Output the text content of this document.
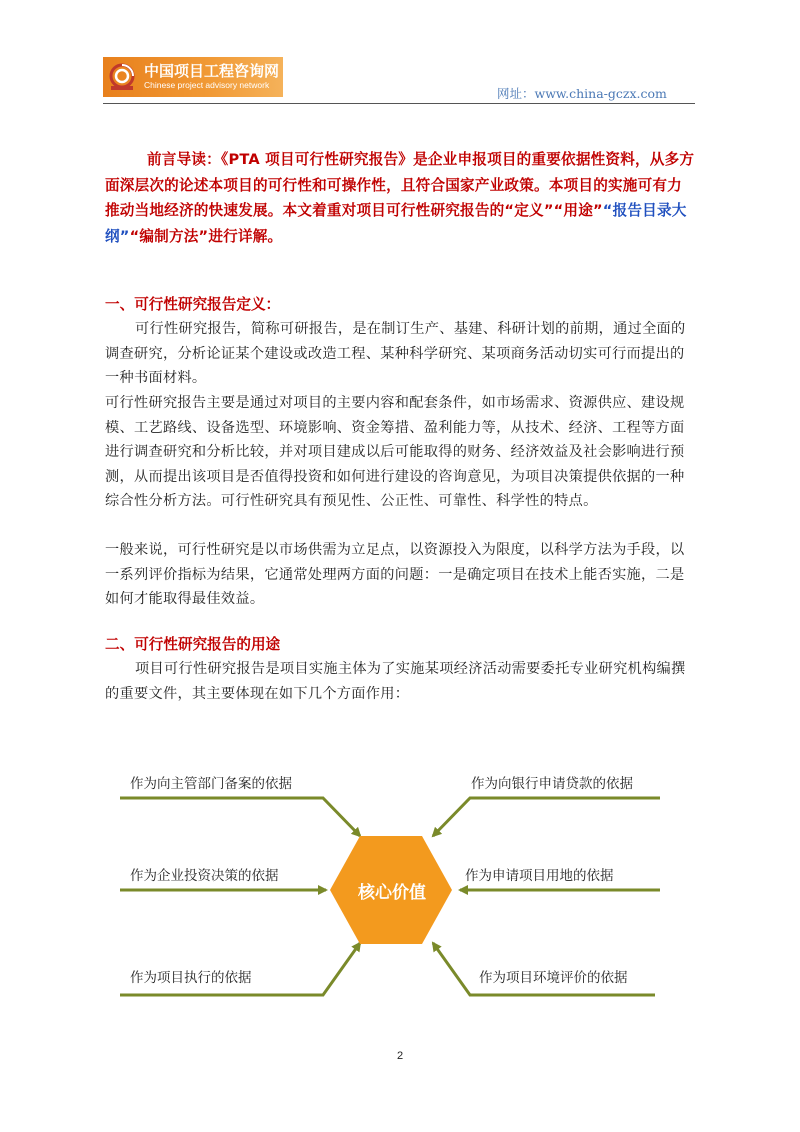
中国项目工程咨询网
Chinese project advisory network
网址：www.china-gczx.com
前言导读：《PTA 项目可行性研究报告》是企业申报项目的重要依据性资料，从多方面深层次的论述本项目的可行性和可操作性，且符合国家产业政策。本项目的实施可有力推动当地经济的快速发展。本文着重对项目可行性研究报告的“定义”“用途”“报告目录大纲”“编制方法”进行详解。
一、可行性研究报告定义：
可行性研究报告，简称可研报告，是在制订生产、基建、科研计划的前期，通过全面的调查研究，分析论证某个建设或改造工程、某种科学研究、某项商务活动切实可行而提出的一种书面材料。
可行性研究报告主要是通过对项目的主要内容和配套条件，如市场需求、资源供应、建设规模、工艺路线、设备选型、环境影响、资金筹措、盈利能力等，从技术、经济、工程等方面进行调查研究和分析比较，并对项目建成以后可能取得的财务、经济效益及社会影响进行预测，从而提出该项目是否值得投资和如何进行建设的咨询意见，为项目决策提供依据的一种综合性分析方法。可行性研究具有预见性、公正性、可靠性、科学性的特点。
一般来说，可行性研究是以市场供需为立足点，以资源投入为限度，以科学方法为手段，以一系列评价指标为结果，它通常处理两方面的问题：一是确定项目在技术上能否实施，二是如何才能取得最佳效益。
二、可行性研究报告的用途
项目可行性研究报告是项目实施主体为了实施某项经济活动需要委托专业研究机构编撰的重要文件，其主要体现在如下几个方面作用：
核心价值
作为向主管部门备案的依据
作为企业投资决策的依据
作为项目执行的依据
作为向银行申请贷款的依据
作为申请项目用地的依据
作为项目环境评价的依据
2
